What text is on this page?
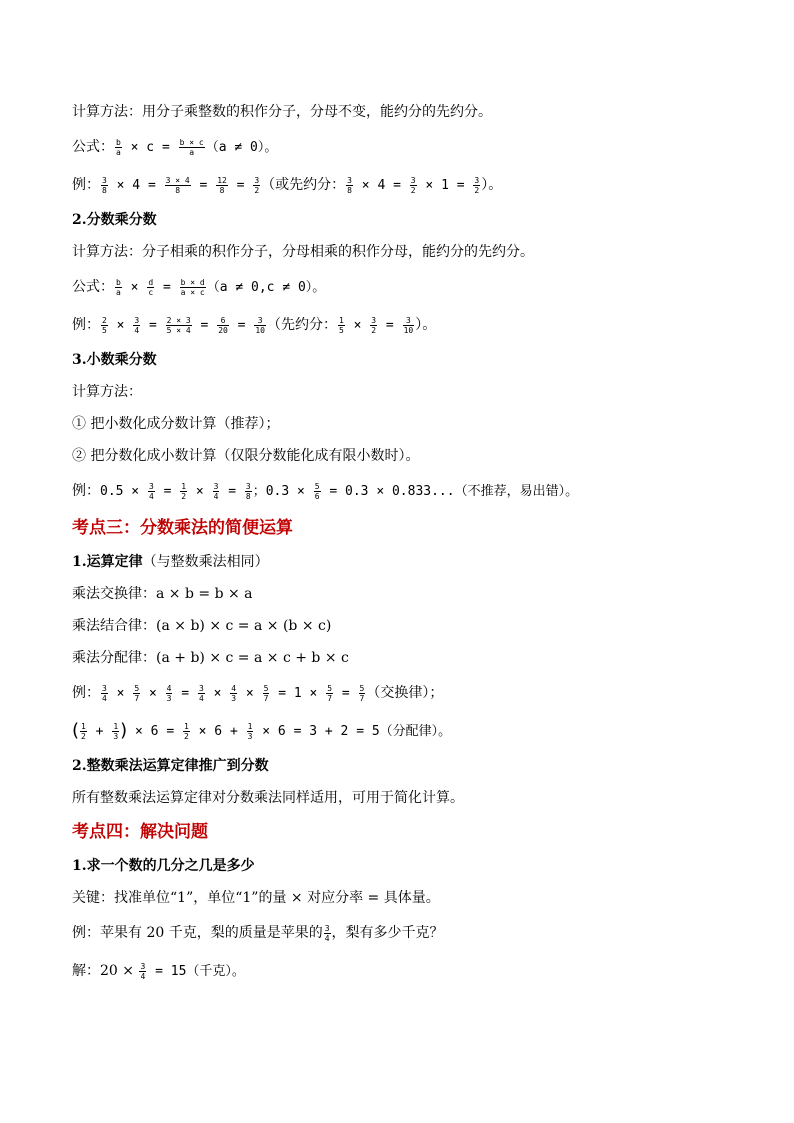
计算方法：用分子乘整数的积作分子，分母不变，能约分的先约分。
公式： $\frac{b}{a} \times c = \frac{b \times c}{a} (a \ne 0)$。
例： $\frac{3}{8} \times 4 = \frac{3 \times 4}{8} = \frac{12}{8} = \frac{3}{2}$ （或先约分： $\frac{3}{8} \times 4 = \frac{3}{2} \times 1 = \frac{3}{2}$ ）。
2.分数乘分数
计算方法：分子相乘的积作分子，分母相乘的积作分母，能约分的先约分。
公式： $\frac{b}{a} \times \frac{d}{c} = \frac{b \times d}{a \times c} (a \ne 0,c \ne 0)$。
例： $\frac{2}{5} \times \frac{3}{4} = \frac{2 \times 3}{5 \times 4} = \frac{6}{20} = \frac{3}{10}$ （先约分： $\frac{1}{5} \times \frac{3}{2} = \frac{3}{10}$ ）。
3.小数乘分数
计算方法：
① 把小数化成分数计算（推荐）；
② 把分数化成小数计算（仅限分数能化成有限小数时）。
例：$0.5 \times \frac{3}{4} = \frac{1}{2} \times \frac{3}{4} = \frac{3}{8}$ ；$0.3 \times \frac{5}{6} = 0.3 \times 0.833$...（不推荐，易出错）。
考点三：分数乘法的简便运算
1.运算定律（与整数乘法相同）
乘法交换律：a × b = b × a
乘法结合律：(a × b) × c = a × (b × c)
乘法分配律：(a + b) × c = a × c + b × c
例： $\frac{3}{4} \times \frac{5}{7} \times \frac{4}{3} = \frac{3}{4} \times \frac{4}{3} \times \frac{5}{7} = 1 \times \frac{5}{7} = \frac{5}{7}$ （交换律）；
( $\frac{1}{2} + \frac{1}{3}$ ) × $6 = \frac{1}{2} \times 6 + \frac{1}{3} \times 6 = 3 + 2 = 5$（分配律）。
2.整数乘法运算定律推广到分数
所有整数乘法运算定律对分数乘法同样适用，可用于简化计算。
考点四：解决问题
1.求一个数的几分之几是多少
关键：找准单位“1”，单位“1”的量 × 对应分率 = 具体量。
例：苹果有 20 千克，梨的质量是苹果的 $\frac{3}{4}$ ，梨有多少千克？
解：$20 \times \frac{3}{4} = 15$（千克）。
